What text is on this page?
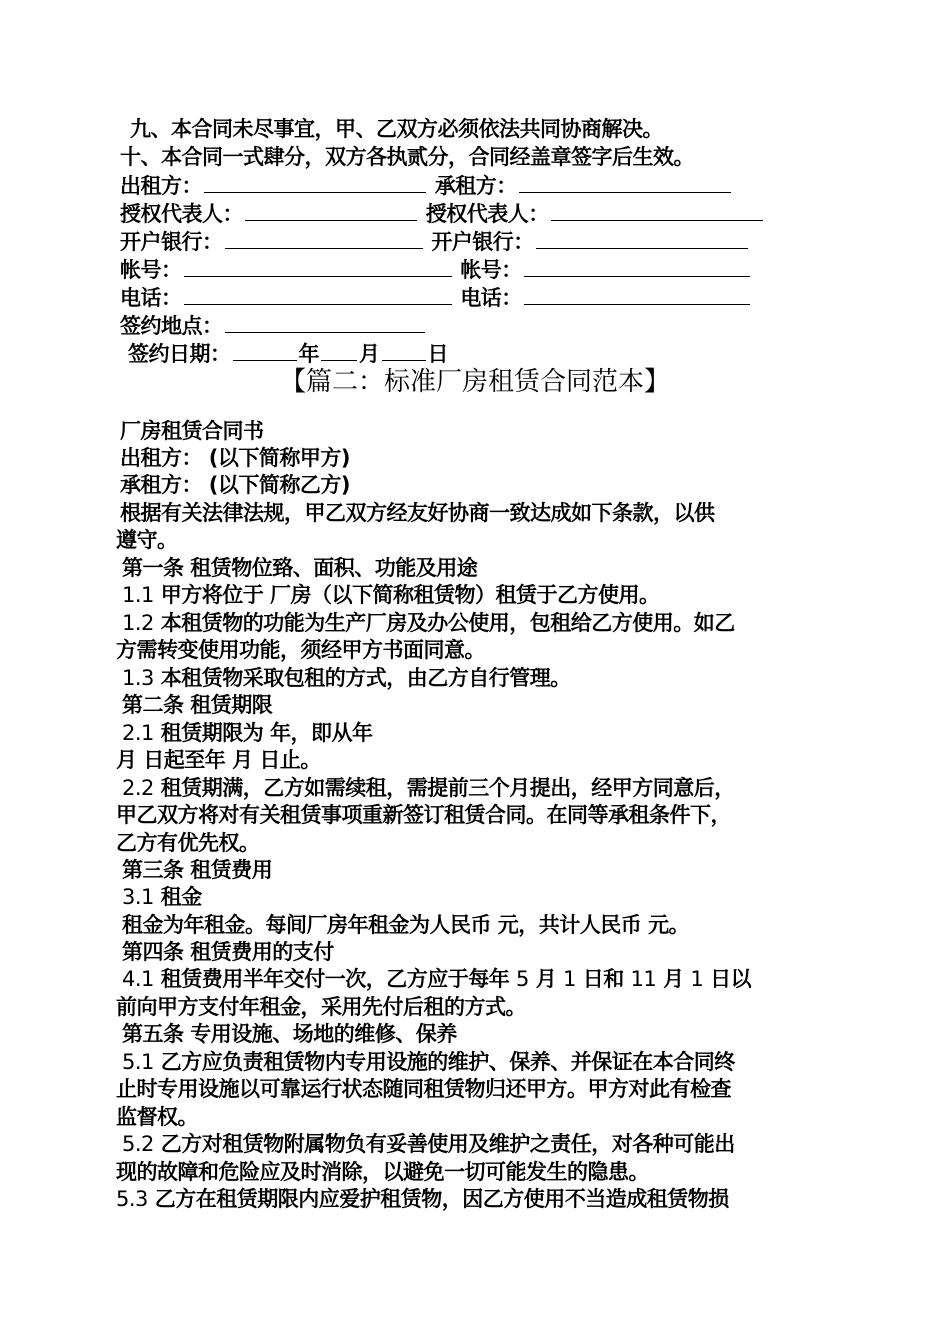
九、本合同未尽事宜，甲、乙双方必须依法共同协商解决。
十、本合同一式肆分，双方各执贰分，合同经盖章签字后生效。
出租方：	承租方：
授权代表人：	授权代表人：
开户银行：	开户银行：
帐号：	帐号：
电话：	电话：
签约地点：
签约日期：	年 月 日
【篇二：标准厂房租赁合同范本】
厂房租赁合同书
出租方： (以下简称甲方)
承租方： (以下简称乙方)
根据有关法律法规，甲乙双方经友好协商一致达成如下条款，以供
遵守。
第一条 租赁物位臵、面积、功能及用途
1.1 甲方将位于 厂房（以下简称租赁物）租赁于乙方使用。
1.2 本租赁物的功能为生产厂房及办公使用，包租给乙方使用。如乙
方需转变使用功能，须经甲方书面同意。
1.3 本租赁物采取包租的方式，由乙方自行管理。
第二条 租赁期限
2.1 租赁期限为 年，即从年
月 日起至年 月 日止。
2.2 租赁期满，乙方如需续租，需提前三个月提出，经甲方同意后，
甲乙双方将对有关租赁事项重新签订租赁合同。在同等承租条件下，
乙方有优先权。
第三条 租赁费用
3.1 租金
租金为年租金。每间厂房年租金为人民币 元，共计人民币 元。
第四条 租赁费用的支付
4.1 租赁费用半年交付一次，乙方应于每年 5 月 1 日和 11 月 1 日以
前向甲方支付年租金，采用先付后租的方式。
第五条 专用设施、场地的维修、保养
5.1 乙方应负责租赁物内专用设施的维护、保养、并保证在本合同终
止时专用设施以可靠运行状态随同租赁物归还甲方。甲方对此有检查
监督权。
5.2 乙方对租赁物附属物负有妥善使用及维护之责任，对各种可能出
现的故障和危险应及时消除，以避免一切可能发生的隐患。
5.3 乙方在租赁期限内应爱护租赁物，因乙方使用不当造成租赁物损
